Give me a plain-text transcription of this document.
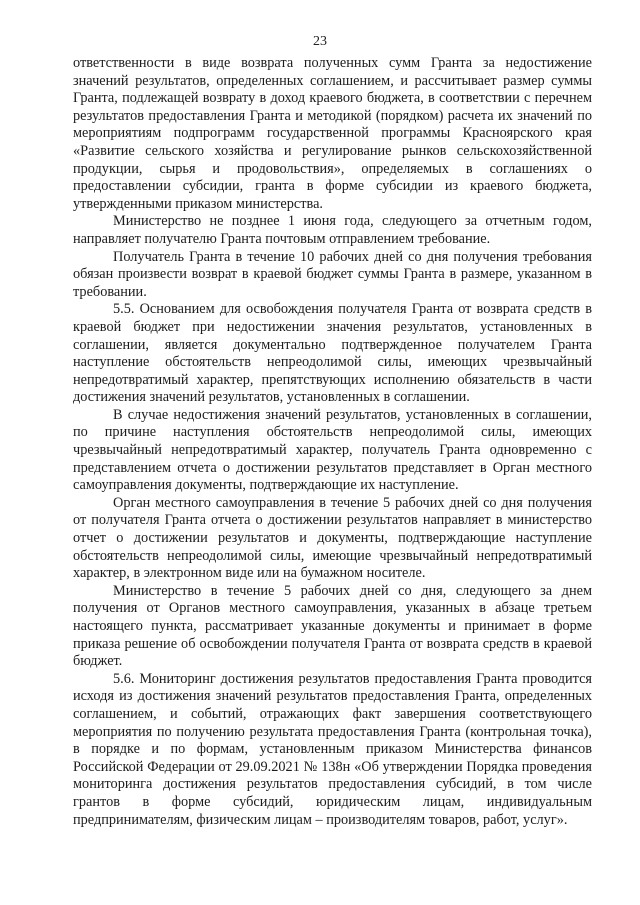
23

ответственности в виде возврата полученных сумм Гранта за недостижение значений результатов, определенных соглашением, и рассчитывает размер суммы Гранта, подлежащей возврату в доход краевого бюджета, в соответствии с перечнем результатов предоставления Гранта и методикой (порядком) расчета их значений по мероприятиям подпрограмм государственной программы Красноярского края «Развитие сельского хозяйства и регулирование рынков сельскохозяйственной продукции, сырья и продовольствия», определяемых в соглашениях о предоставлении субсидии, гранта в форме субсидии из краевого бюджета, утвержденными приказом министерства.

Министерство не позднее 1 июня года, следующего за отчетным годом, направляет получателю Гранта почтовым отправлением требование.

Получатель Гранта в течение 10 рабочих дней со дня получения требования обязан произвести возврат в краевой бюджет суммы Гранта в размере, указанном в требовании.

5.5. Основанием для освобождения получателя Гранта от возврата средств в краевой бюджет при недостижении значения результатов, установленных в соглашении, является документально подтвержденное получателем Гранта наступление обстоятельств непреодолимой силы, имеющих чрезвычайный непредотвратимый характер, препятствующих исполнению обязательств в части достижения значений результатов, установленных в соглашении.

В случае недостижения значений результатов, установленных в соглашении, по причине наступления обстоятельств непреодолимой силы, имеющих чрезвычайный непредотвратимый характер, получатель Гранта одновременно с представлением отчета о достижении результатов представляет в Орган местного самоуправления документы, подтверждающие их наступление.

Орган местного самоуправления в течение 5 рабочих дней со дня получения от получателя Гранта отчета о достижении результатов направляет в министерство отчет о достижении результатов и документы, подтверждающие наступление обстоятельств непреодолимой силы, имеющие чрезвычайный непредотвратимый характер, в электронном виде или на бумажном носителе.

Министерство в течение 5 рабочих дней со дня, следующего за днем получения от Органов местного самоуправления, указанных в абзаце третьем настоящего пункта, рассматривает указанные документы и принимает в форме приказа решение об освобождении получателя Гранта от возврата средств в краевой бюджет.

5.6. Мониторинг достижения результатов предоставления Гранта проводится исходя из достижения значений результатов предоставления Гранта, определенных соглашением, и событий, отражающих факт завершения соответствующего мероприятия по получению результата предоставления Гранта (контрольная точка), в порядке и по формам, установленным приказом Министерства финансов Российской Федерации от 29.09.2021 № 138н «Об утверждении Порядка проведения мониторинга достижения результатов предоставления субсидий, в том числе грантов в форме субсидий, юридическим лицам, индивидуальным предпринимателям, физическим лицам – производителям товаров, работ, услуг».
